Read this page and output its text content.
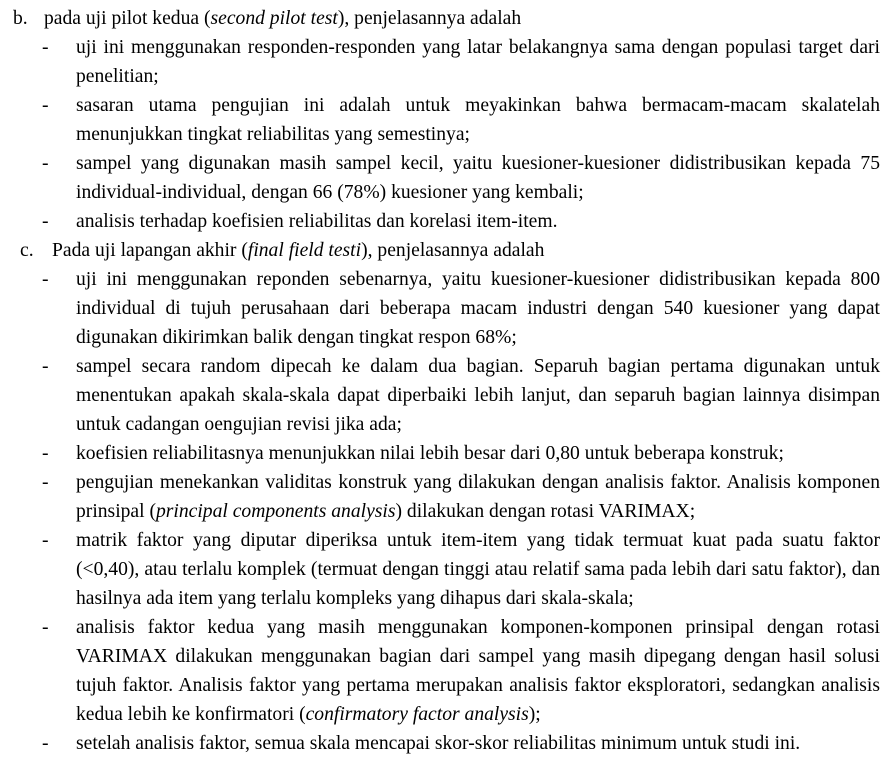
b. pada uji pilot kedua (second pilot test), penjelasannya adalah
- uji ini menggunakan responden-responden yang latar belakangnya sama dengan populasi target dari penelitian;
- sasaran utama pengujian ini adalah untuk meyakinkan bahwa bermacam-macam skalatelah menunjukkan tingkat reliabilitas yang semestinya;
- sampel yang digunakan masih sampel kecil, yaitu kuesioner-kuesioner didistribusikan kepada 75 individual-individual, dengan 66 (78%) kuesioner yang kembali;
- analisis terhadap koefisien reliabilitas dan korelasi item-item.
c. Pada uji lapangan akhir (final field testi), penjelasannya adalah
- uji ini menggunakan reponden sebenarnya, yaitu kuesioner-kuesioner didistribusikan kepada 800 individual di tujuh perusahaan dari beberapa macam industri dengan 540 kuesioner yang dapat digunakan dikirimkan balik dengan tingkat respon 68%;
- sampel secara random dipecah ke dalam dua bagian. Separuh bagian pertama digunakan untuk menentukan apakah skala-skala dapat diperbaiki lebih lanjut, dan separuh bagian lainnya disimpan untuk cadangan oengujian revisi jika ada;
- koefisien reliabilitasnya menunjukkan nilai lebih besar dari 0,80 untuk beberapa konstruk;
- pengujian menekankan validitas konstruk yang dilakukan dengan analisis faktor. Analisis komponen prinsipal (principal components analysis) dilakukan dengan rotasi VARIMAX;
- matrik faktor yang diputar diperiksa untuk item-item yang tidak termuat kuat pada suatu faktor (<0,40), atau terlalu komplek (termuat dengan tinggi atau relatif sama pada lebih dari satu faktor), dan hasilnya ada item yang terlalu kompleks yang dihapus dari skala-skala;
- analisis faktor kedua yang masih menggunakan komponen-komponen prinsipal dengan rotasi VARIMAX dilakukan menggunakan bagian dari sampel yang masih dipegang dengan hasil solusi tujuh faktor. Analisis faktor yang pertama merupakan analisis faktor eksploratori, sedangkan analisis kedua lebih ke konfirmatori (confirmatory factor analysis);
- setelah analisis faktor, semua skala mencapai skor-skor reliabilitas minimum untuk studi ini.
